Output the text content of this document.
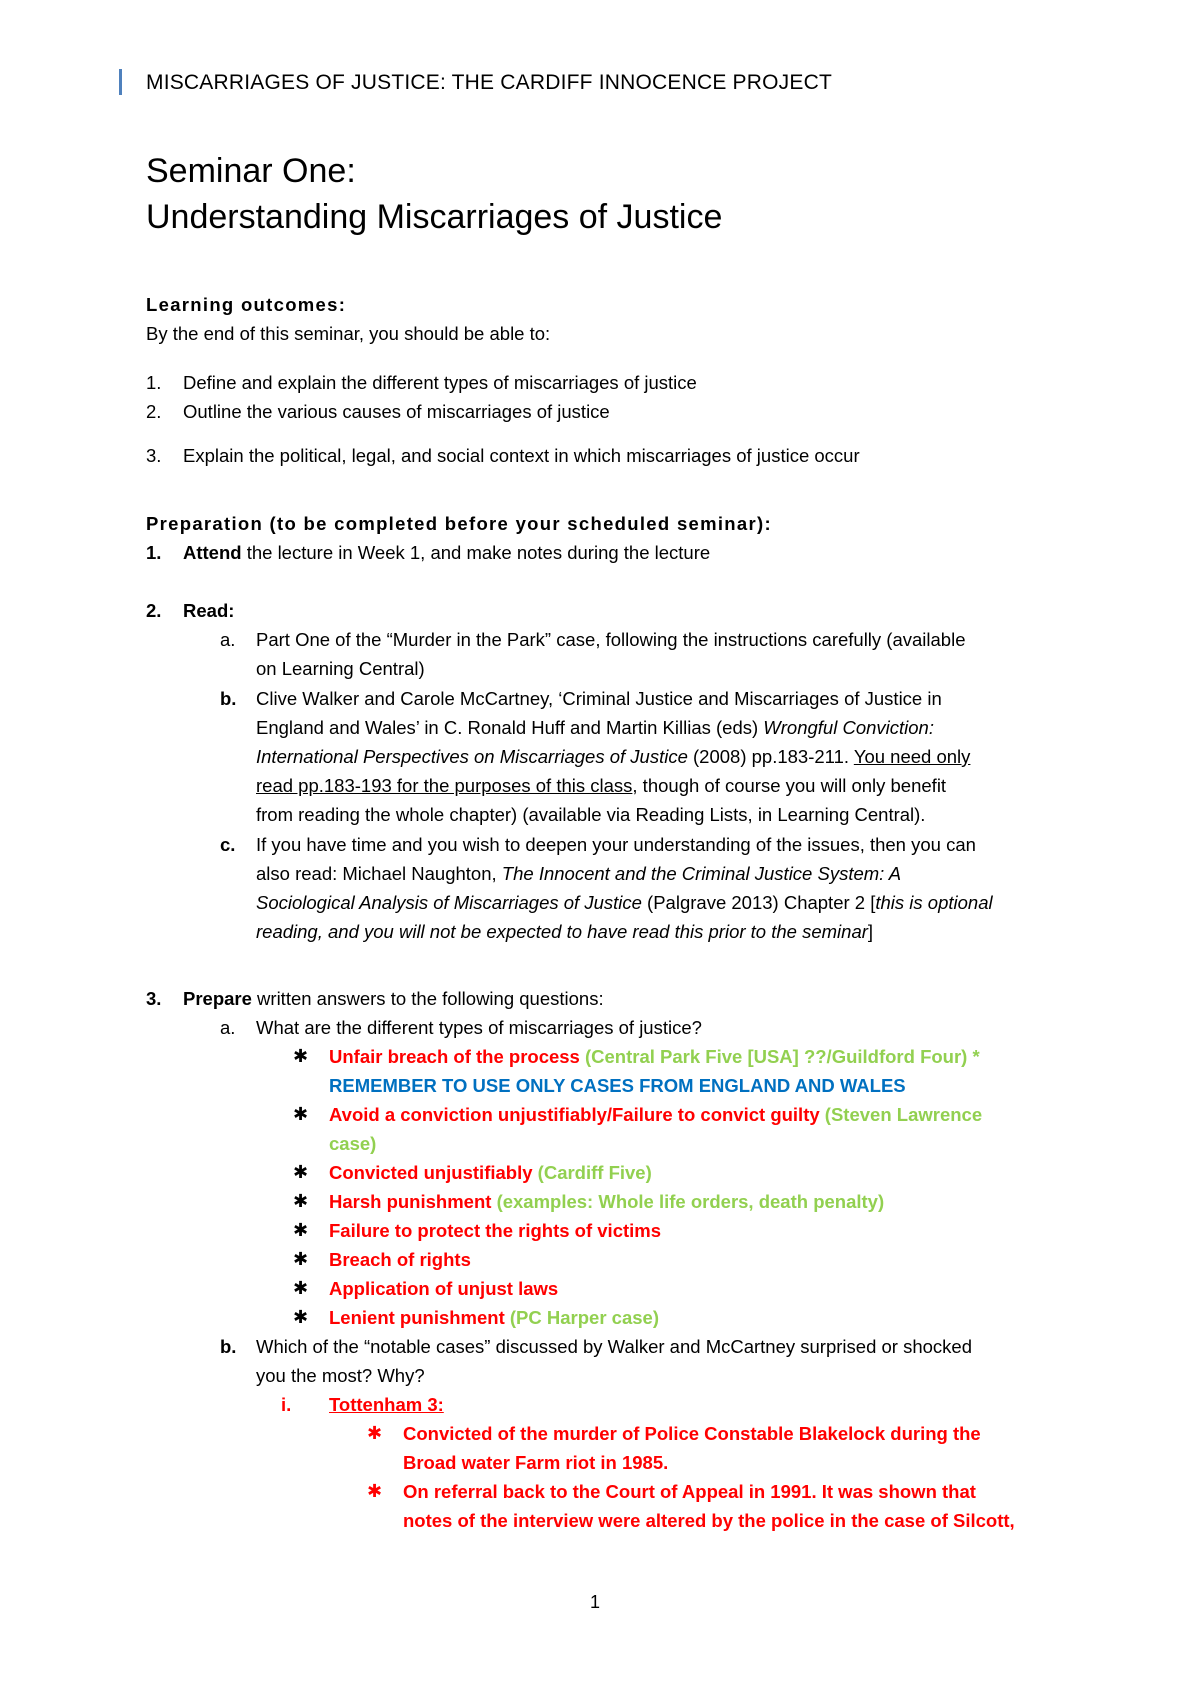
MISCARRIAGES OF JUSTICE: THE CARDIFF INNOCENCE PROJECT
Seminar One:
Understanding Miscarriages of Justice
Learning outcomes:
By the end of this seminar, you should be able to:
1. Define and explain the different types of miscarriages of justice
2. Outline the various causes of miscarriages of justice
3. Explain the political, legal, and social context in which miscarriages of justice occur
Preparation (to be completed before your scheduled seminar):
1. Attend the lecture in Week 1, and make notes during the lecture
2. Read:
a. Part One of the “Murder in the Park” case, following the instructions carefully (available
on Learning Central)
b. Clive Walker and Carole McCartney, ‘Criminal Justice and Miscarriages of Justice in
England and Wales’ in C. Ronald Huff and Martin Killias (eds) Wrongful Conviction:
International Perspectives on Miscarriages of Justice (2008) pp.183-211. You need only
read pp.183-193 for the purposes of this class, though of course you will only benefit
from reading the whole chapter) (available via Reading Lists, in Learning Central).
c. If you have time and you wish to deepen your understanding of the issues, then you can
also read: Michael Naughton, The Innocent and the Criminal Justice System: A
Sociological Analysis of Miscarriages of Justice (Palgrave 2013) Chapter 2 [this is optional
reading, and you will not be expected to have read this prior to the seminar]
3. Prepare written answers to the following questions:
a. What are the different types of miscarriages of justice?
✱ Unfair breach of the process (Central Park Five [USA] ??/Guildford Four) *
REMEMBER TO USE ONLY CASES FROM ENGLAND AND WALES
✱ Avoid a conviction unjustifiably/Failure to convict guilty (Steven Lawrence
case)
✱ Convicted unjustifiably (Cardiff Five)
✱ Harsh punishment (examples: Whole life orders, death penalty)
✱ Failure to protect the rights of victims
✱ Breach of rights
✱ Application of unjust laws
✱ Lenient punishment (PC Harper case)
b. Which of the “notable cases” discussed by Walker and McCartney surprised or shocked
you the most? Why?
i. Tottenham 3:
✱ Convicted of the murder of Police Constable Blakelock during the
Broad water Farm riot in 1985.
✱ On referral back to the Court of Appeal in 1991. It was shown that
notes of the interview were altered by the police in the case of Silcott,
1
